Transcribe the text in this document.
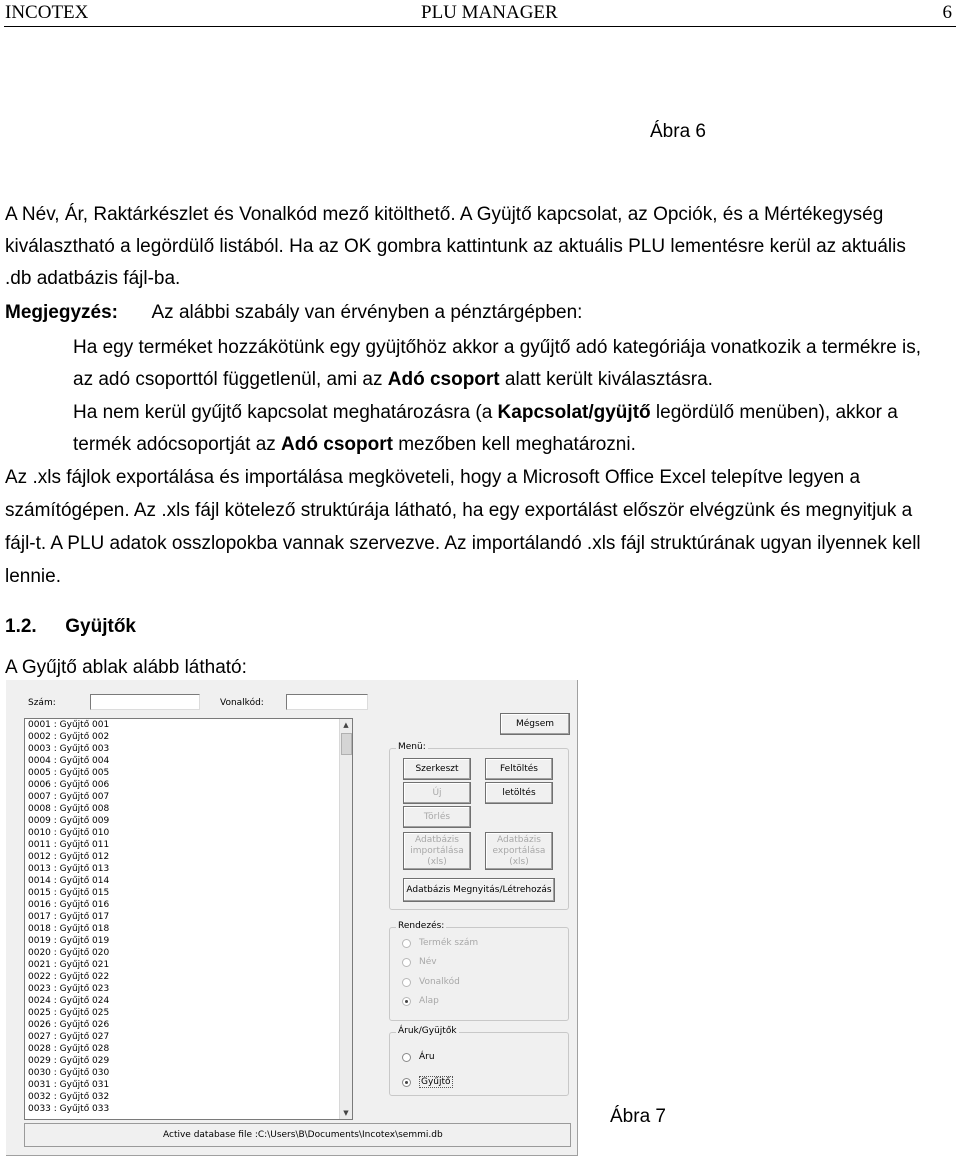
INCOTEX	PLU MANAGER	6
Ábra 6
A Név, Ár, Raktárkészlet és Vonalkód mező kitölthető. A Gyüjtő kapcsolat, az Opciók, és a Mértékegység
kiválasztható a legördülő listából. Ha az OK gombra kattintunk az aktuális PLU lementésre kerül az aktuális
.db adatbázis fájl-ba.
Megjegyzés: Az alábbi szabály van érvényben a pénztárgépben:
Ha egy terméket hozzákötünk egy gyüjtőhöz akkor a gyűjtő adó kategóriája vonatkozik a termékre is,
az adó csoporttól függetlenül, ami az Adó csoport alatt került kiválasztásra.
Ha nem kerül gyűjtő kapcsolat meghatározásra (a Kapcsolat/gyüjtő legördülő menüben), akkor a
termék adócsoportját az Adó csoport mezőben kell meghatározni.
Az .xls fájlok exportálása és importálása megköveteli, hogy a Microsoft Office Excel telepítve legyen a
számítógépen. Az .xls fájl kötelező struktúrája látható, ha egy exportálást először elvégzünk és megnyitjuk a
fájl-t. A PLU adatok osszlopokba vannak szervezve. Az importálandó .xls fájl struktúrának ugyan ilyennek kell
lennie.
1.2. Gyüjtők
A Gyűjtő ablak alább látható:
Szám:	Vonalkód:
0001 : Gyűjtő 001
0002 : Gyűjtő 002
0003 : Gyűjtő 003
0004 : Gyűjtő 004
0005 : Gyűjtő 005
0006 : Gyűjtő 006
0007 : Gyűjtő 007
0008 : Gyűjtő 008
0009 : Gyűjtő 009
0010 : Gyűjtő 010
0011 : Gyűjtő 011
0012 : Gyűjtő 012
0013 : Gyűjtő 013
0014 : Gyűjtő 014
0015 : Gyűjtő 015
0016 : Gyűjtő 016
0017 : Gyűjtő 017
0018 : Gyűjtő 018
0019 : Gyűjtő 019
0020 : Gyűjtő 020
0021 : Gyűjtő 021
0022 : Gyűjtő 022
0023 : Gyűjtő 023
0024 : Gyűjtő 024
0025 : Gyűjtő 025
0026 : Gyűjtő 026
0027 : Gyűjtő 027
0028 : Gyűjtő 028
0029 : Gyűjtő 029
0030 : Gyűjtő 030
0031 : Gyűjtő 031
0032 : Gyűjtő 032
0033 : Gyűjtő 033
▲
▼
Mégsem
Menü:
Szerkeszt	Feltöltés
Új	letöltés
Törlés
Adatbázis
importálása
(xls)
Adatbázis
exportálása
(xls)
Adatbázis Megnyitás/Létrehozás
Rendezés:
Termék szám
Név
Vonalkód
Alap
Áruk/Gyüjtők
Áru
Gyűjtő
Active database file :C:\Users\B\Documents\Incotex\semmi.db
Ábra 7
